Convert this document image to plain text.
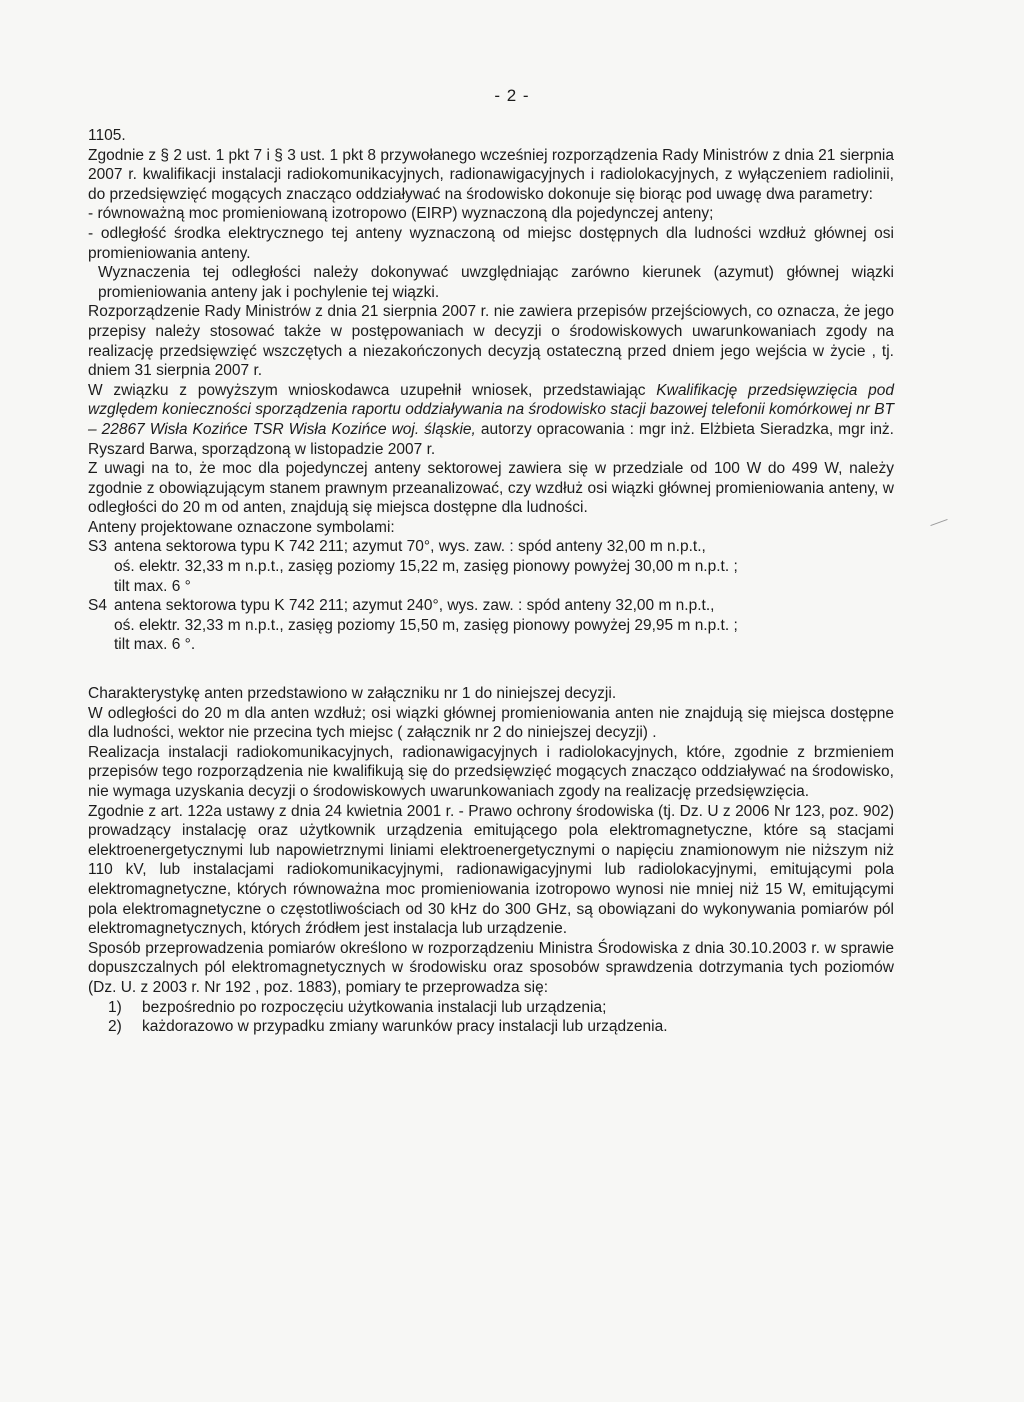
- 2 -

1105.

Zgodnie z § 2 ust. 1 pkt 7 i § 3 ust. 1 pkt 8 przywołanego wcześniej rozporządzenia Rady Ministrów z dnia 21 sierpnia 2007 r. kwalifikacji instalacji radiokomunikacyjnych, radionawigacyjnych i radiolokacyjnych, z wyłączeniem radiolinii, do przedsięwzięć mogących znacząco oddziaływać na środowisko dokonuje się biorąc pod uwagę dwa parametry:

- równoważną moc promieniowaną izotropowo (EIRP) wyznaczoną dla pojedynczej anteny;

- odległość środka elektrycznego tej anteny wyznaczoną od miejsc dostępnych dla ludności wzdłuż głównej osi promieniowania anteny.

Wyznaczenia tej odległości należy dokonywać uwzględniając zarówno kierunek (azymut) głównej wiązki promieniowania anteny jak i pochylenie tej wiązki.

Rozporządzenie Rady Ministrów z dnia 21 sierpnia 2007 r. nie zawiera przepisów przejściowych, co oznacza, że jego przepisy należy stosować także w postępowaniach w decyzji o środowiskowych uwarunkowaniach zgody na realizację przedsięwzięć wszczętych a niezakończonych decyzją ostateczną przed dniem jego wejścia w życie , tj. dniem 31 sierpnia 2007 r.

W związku z powyższym wnioskodawca uzupełnił wniosek, przedstawiając Kwalifikację przedsięwzięcia pod względem konieczności sporządzenia raportu oddziaływania na środowisko stacji bazowej telefonii komórkowej nr BT – 22867 Wisła Kozińce TSR Wisła Kozińce woj. śląskie, autorzy opracowania : mgr inż. Elżbieta Sieradzka, mgr inż. Ryszard Barwa, sporządzoną w listopadzie 2007 r.

Z uwagi na to, że moc dla pojedynczej anteny sektorowej zawiera się w przedziale od 100 W do 499 W, należy zgodnie z obowiązującym stanem prawnym przeanalizować, czy wzdłuż osi wiązki głównej promieniowania anteny, w odległości do 20 m od anten, znajdują się miejsca dostępne dla ludności.

Anteny projektowane oznaczone symbolami:

S3 antena sektorowa typu K 742 211; azymut 70°, wys. zaw. : spód anteny 32,00 m n.p.t.,

oś. elektr. 32,33 m n.p.t., zasięg poziomy 15,22 m, zasięg pionowy powyżej 30,00 m n.p.t. ;

tilt max. 6 °

S4 antena sektorowa typu K 742 211; azymut 240°, wys. zaw. : spód anteny 32,00 m n.p.t.,

oś. elektr. 32,33 m n.p.t., zasięg poziomy 15,50 m, zasięg pionowy powyżej 29,95 m n.p.t. ;

tilt max. 6 °.

Charakterystykę anten przedstawiono w załączniku nr 1 do niniejszej decyzji.

W odległości do 20 m dla anten wzdłuż; osi wiązki głównej promieniowania anten nie znajdują się miejsca dostępne dla ludności, wektor nie przecina tych miejsc ( załącznik nr 2 do niniejszej decyzji) .

Realizacja instalacji radiokomunikacyjnych, radionawigacyjnych i radiolokacyjnych, które, zgodnie z brzmieniem przepisów tego rozporządzenia nie kwalifikują się do przedsięwzięć mogących znacząco oddziaływać na środowisko, nie wymaga uzyskania decyzji o środowiskowych uwarunkowaniach zgody na realizację przedsięwzięcia.

Zgodnie z art. 122a ustawy z dnia 24 kwietnia 2001 r. - Prawo ochrony środowiska (tj. Dz. U z 2006 Nr 123, poz. 902) prowadzący instalację oraz użytkownik urządzenia emitującego pola elektromagnetyczne, które są stacjami elektroenergetycznymi lub napowietrznymi liniami elektroenergetycznymi o napięciu znamionowym nie niższym niż 110 kV, lub instalacjami radiokomunikacyjnymi, radionawigacyjnymi lub radiolokacyjnymi, emitującymi pola elektromagnetyczne, których równoważna moc promieniowania izotropowo wynosi nie mniej niż 15 W, emitującymi pola elektromagnetyczne o częstotliwościach od 30 kHz do 300 GHz, są obowiązani do wykonywania pomiarów pól elektromagnetycznych, których źródłem jest instalacja lub urządzenie.

Sposób przeprowadzenia pomiarów określono w rozporządzeniu Ministra Środowiska z dnia 30.10.2003 r. w sprawie dopuszczalnych pól elektromagnetycznych w środowisku oraz sposobów sprawdzenia dotrzymania tych poziomów (Dz. U. z 2003 r. Nr 192 , poz. 1883), pomiary te przeprowadza się:

1)	bezpośrednio po rozpoczęciu użytkowania instalacji lub urządzenia;
2)	każdorazowo w przypadku zmiany warunków pracy instalacji lub urządzenia.
